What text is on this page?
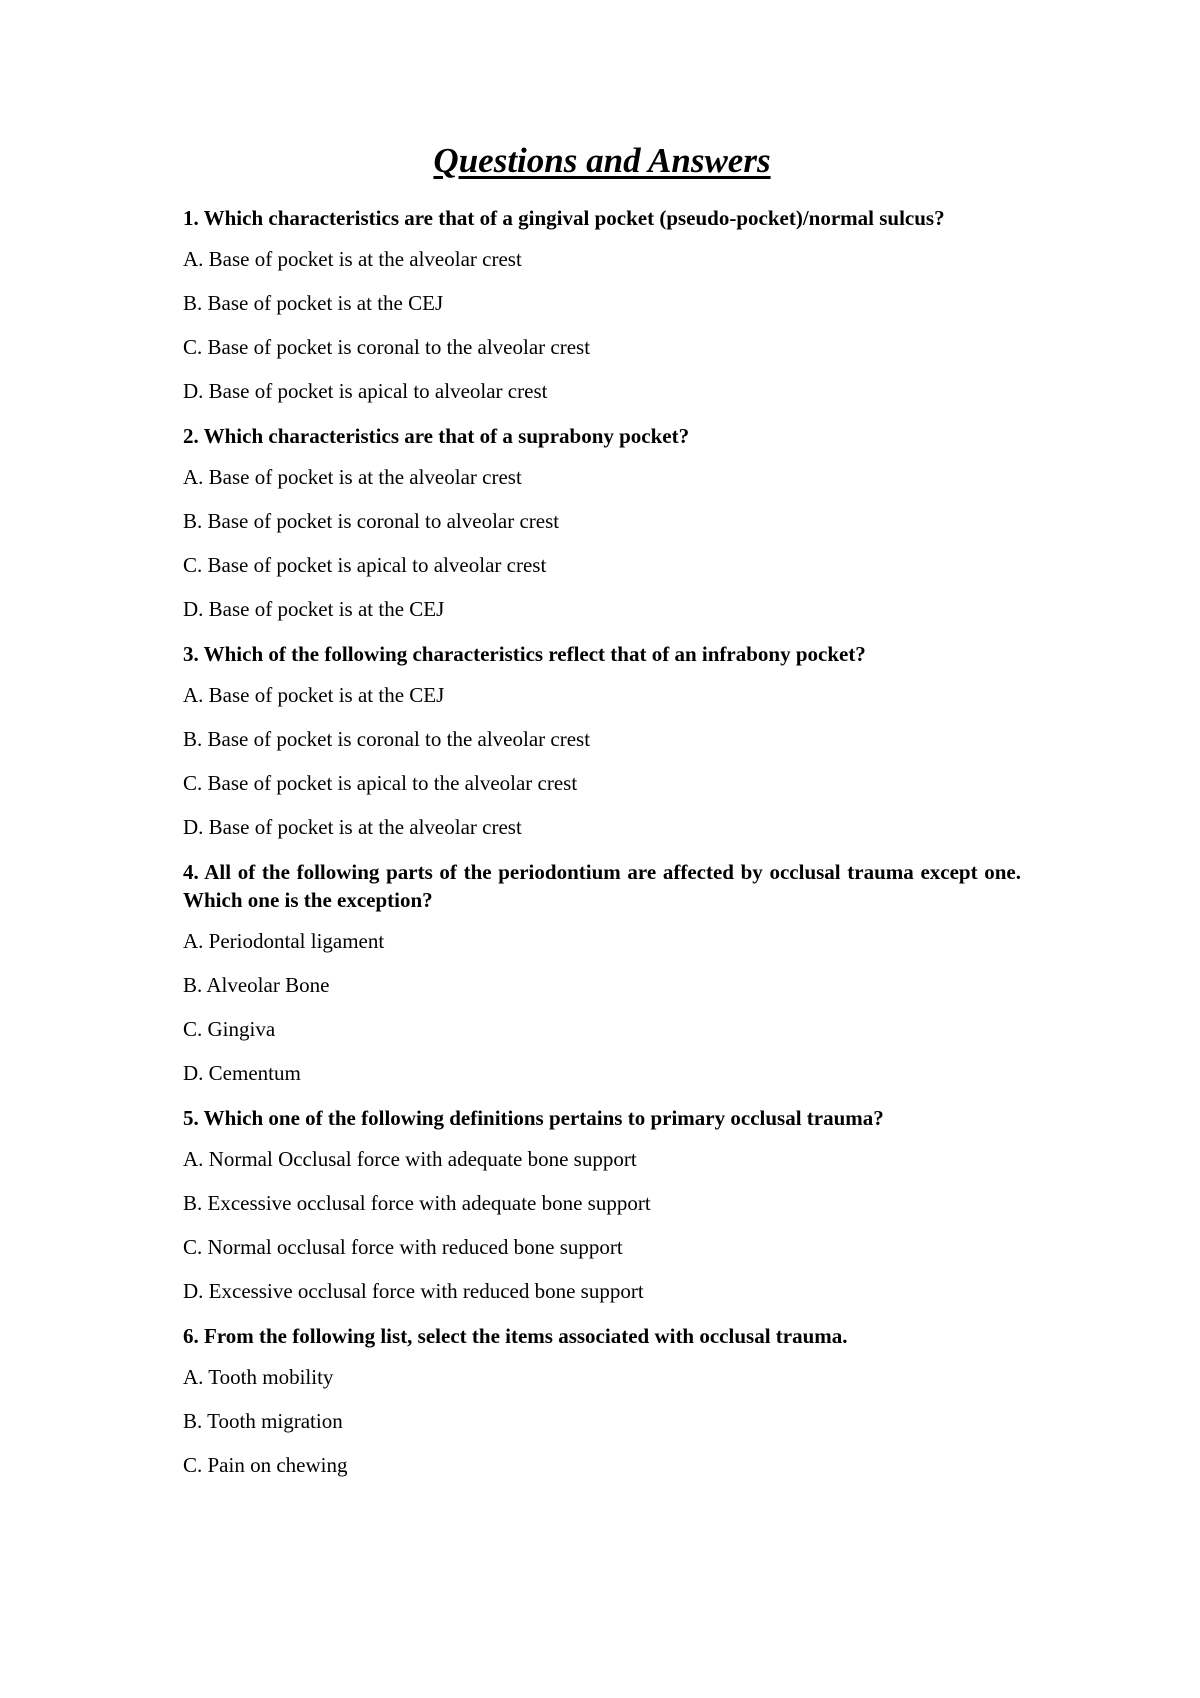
Questions and Answers

1. Which characteristics are that of a gingival pocket (pseudo-pocket)/normal sulcus?

A. Base of pocket is at the alveolar crest

B. Base of pocket is at the CEJ

C. Base of pocket is coronal to the alveolar crest

D. Base of pocket is apical to alveolar crest

2. Which characteristics are that of a suprabony pocket?

A. Base of pocket is at the alveolar crest

B. Base of pocket is coronal to alveolar crest

C. Base of pocket is apical to alveolar crest

D. Base of pocket is at the CEJ

3. Which of the following characteristics reflect that of an infrabony pocket?

A. Base of pocket is at the CEJ

B. Base of pocket is coronal to the alveolar crest

C. Base of pocket is apical to the alveolar crest

D. Base of pocket is at the alveolar crest

4. All of the following parts of the periodontium are affected by occlusal trauma except one. Which one is the exception?

A. Periodontal ligament

B. Alveolar Bone

C. Gingiva

D. Cementum

5. Which one of the following definitions pertains to primary occlusal trauma?

A. Normal Occlusal force with adequate bone support

B. Excessive occlusal force with adequate bone support

C. Normal occlusal force with reduced bone support

D. Excessive occlusal force with reduced bone support

6. From the following list, select the items associated with occlusal trauma.

A. Tooth mobility

B. Tooth migration

C. Pain on chewing
